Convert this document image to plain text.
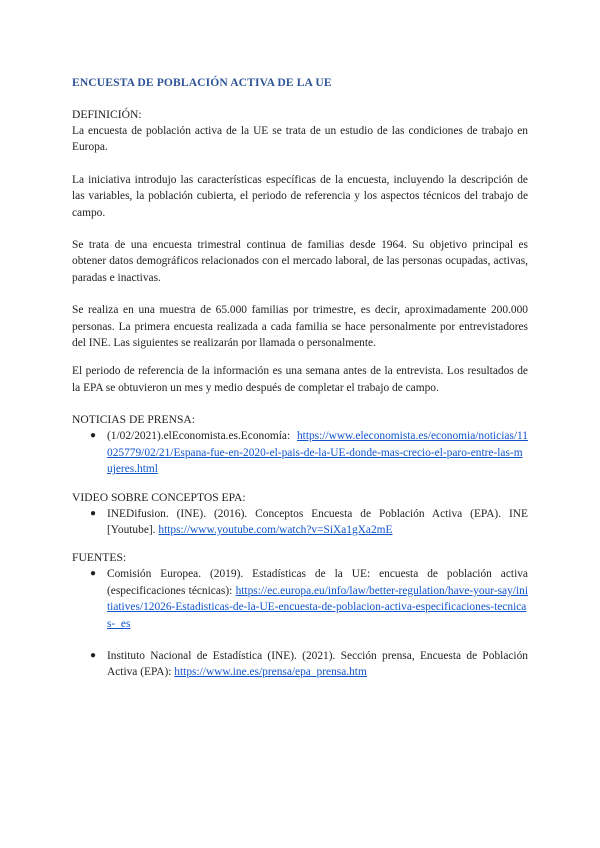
ENCUESTA DE POBLACIÓN ACTIVA DE LA UE
DEFINICIÓN:

La encuesta de población activa de la UE se trata de un estudio de las condiciones de trabajo en Europa.

La iniciativa introdujo las características específicas de la encuesta, incluyendo la descripción de las variables, la población cubierta, el periodo de referencia y los aspectos técnicos del trabajo de campo.

Se trata de una encuesta trimestral continua de familias desde 1964. Su objetivo principal es obtener datos demográficos relacionados con el mercado laboral, de las personas ocupadas, activas, paradas e inactivas.

Se realiza en una muestra de 65.000 familias por trimestre, es decir, aproximadamente 200.000 personas. La primera encuesta realizada a cada familia se hace personalmente por entrevistadores del INE. Las siguientes se realizarán por llamada o personalmente.

El periodo de referencia de la información es una semana antes de la entrevista. Los resultados de la EPA se obtuvieron un mes y medio después de completar el trabajo de campo.

NOTICIAS DE PRENSA:
● (1/02/2021).elEconomista.es.Economía: https://www.eleconomista.es/economia/noticias/11025779/02/21/Espana-fue-en-2020-el-pais-de-la-UE-donde-mas-crecio-el-paro-entre-las-mujeres.html
VIDEO SOBRE CONCEPTOS EPA:
● INEDifusion. (INE). (2016). Conceptos Encuesta de Población Activa (EPA). INE [Youtube]. https://www.youtube.com/watch?v=SiXa1gXa2mE
FUENTES:
● Comisión Europea. (2019). Estadísticas de la UE: encuesta de población activa (especificaciones técnicas): https://ec.europa.eu/info/law/better-regulation/have-your-say/initiatives/12026-Estadisticas-de-la-UE-encuesta-de-poblacion-activa-especificaciones-tecnicas-_es
● Instituto Nacional de Estadística (INE). (2021). Sección prensa, Encuesta de Población Activa (EPA): https://www.ine.es/prensa/epa_prensa.htm
